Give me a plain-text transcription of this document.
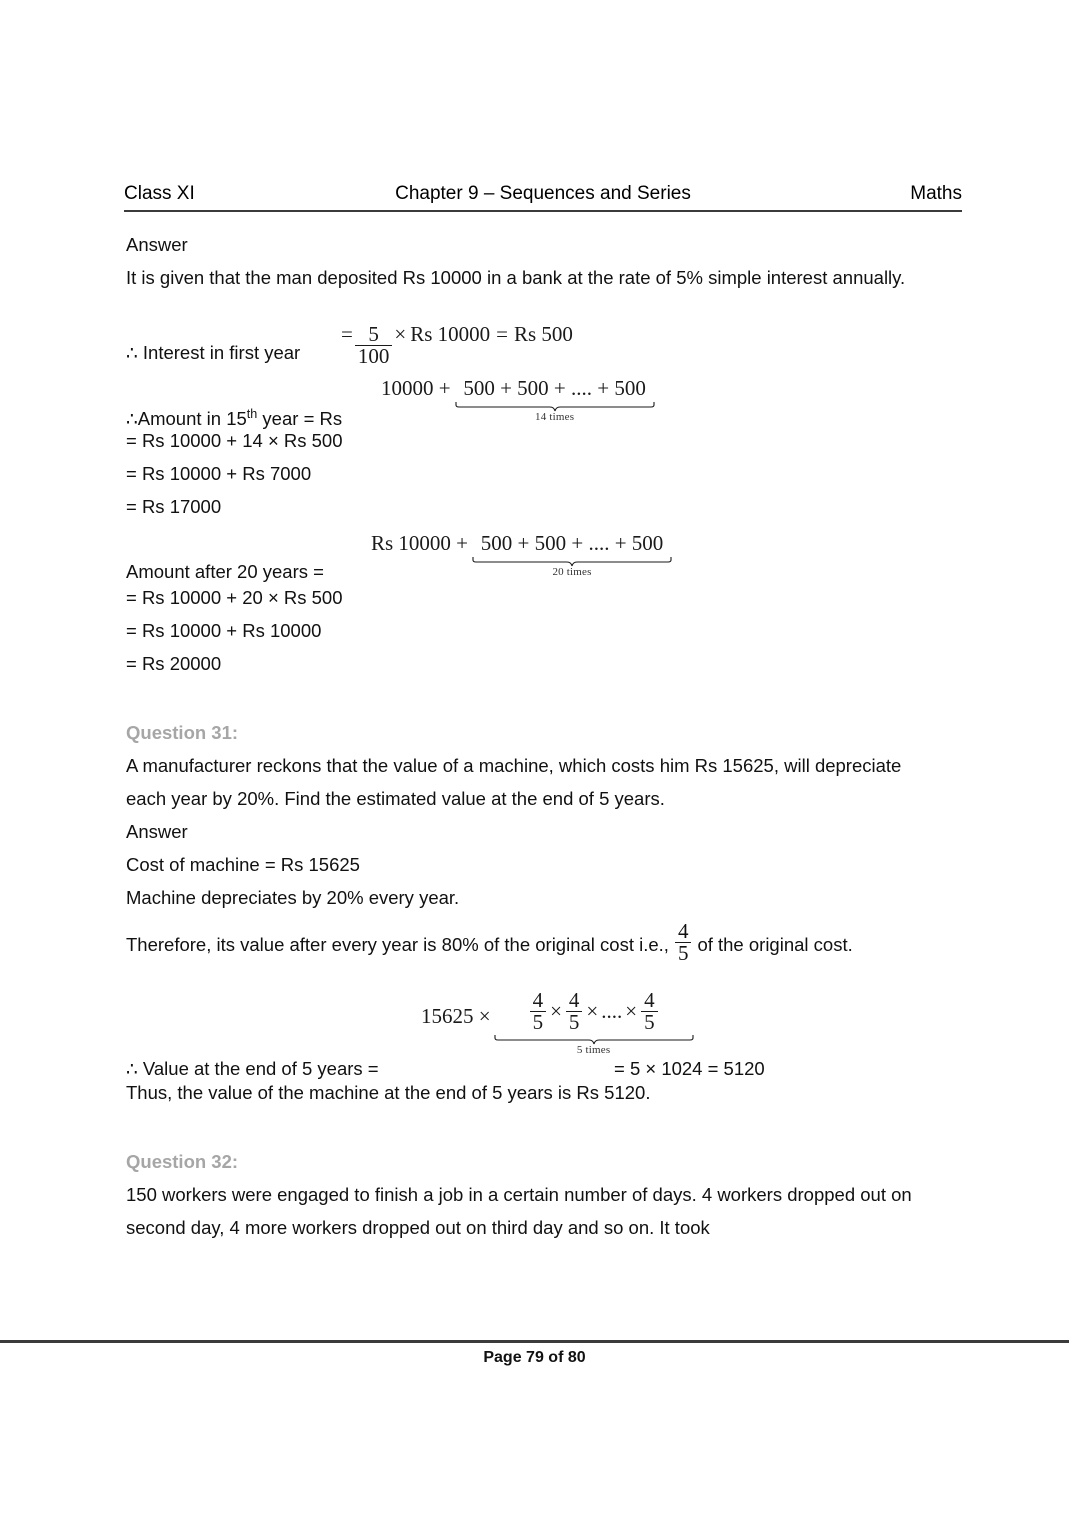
Class XI	Chapter 9 – Sequences and Series	Maths
Answer
It is given that the man deposited Rs 10000 in a bank at the rate of 5% simple interest annually.
∴ Interest in first year
= $\frac{5}{100} \times Rs$ 10000 = Rs 500
∴Amount in 15th year = Rs
10000 + 500 + 500 + .... + 500
14 times
= Rs 10000 + 14 × Rs 500
= Rs 10000 + Rs 7000
= Rs 17000
Amount after 20 years =
Rs 10000 + 500 + 500 + .... + 500
20 times
= Rs 10000 + 20 × Rs 500
= Rs 10000 + Rs 10000
= Rs 20000
Question 31:
A manufacturer reckons that the value of a machine, which costs him Rs 15625, will depreciate each year by 20%. Find the estimated value at the end of 5 years.
Answer
Cost of machine = Rs 15625
Machine depreciates by 20% every year.
Therefore, its value after every year is 80% of the original cost i.e., $\frac{4}{5}$ of the original cost.
$15625 \times \frac{4}{5} \times \frac{4}{5}$ × .... × $\frac{4}{5}$
5 times
∴ Value at the end of 5 years =	= 5 × 1024 = 5120
Thus, the value of the machine at the end of 5 years is Rs 5120.
Question 32:
150 workers were engaged to finish a job in a certain number of days. 4 workers dropped out on second day, 4 more workers dropped out on third day and so on. It took
Page 79 of 80
